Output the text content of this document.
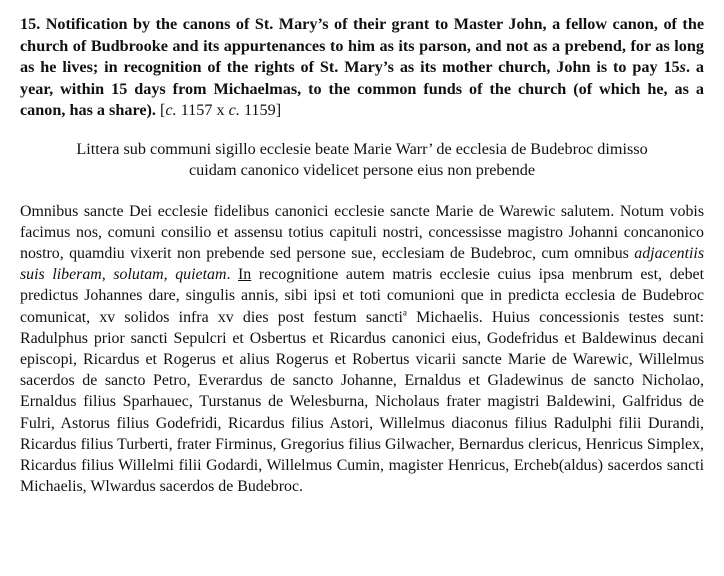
15. Notification by the canons of St. Mary’s of their grant to Master John, a fellow canon, of the church of Budbrooke and its appurtenances to him as its parson, and not as a prebend, for as long as he lives; in recognition of the rights of St. Mary’s as its mother church, John is to pay 15s. a year, within 15 days from Michaelmas, to the common funds of the church (of which he, as a canon, has a share). [c. 1157 x c. 1159]

Littera sub communi sigillo ecclesie beate Marie Warr’ de ecclesia de Budebroc dimisso cuidam canonico videlicet persone eius non prebende

Omnibus sancte Dei ecclesie fidelibus canonici ecclesie sancte Marie de Warewic salutem. Notum vobis facimus nos, comuni consilio et assensu totius capituli nostri, concessisse magistro Johanni concanonico nostro, quamdiu vixerit non prebende sed persone sue, ecclesiam de Budebroc, cum omnibus adjacentiis suis liberam, solutam, quietam. In recognitione autem matris ecclesie cuius ipsa menbrum est, debet predictus Johannes dare, singulis annis, sibi ipsi et toti comunioni que in predicta ecclesia de Budebroc comunicat, xv solidos infra xv dies post festum sancti$^a$ Michaelis. Huius concessionis testes sunt: Radulphus prior sancti Sepulcri et Osbertus et Ricardus canonici eius, Godefridus et Baldewinus decani episcopi, Ricardus et Rogerus et alius Rogerus et Robertus vicarii sancte Marie de Warewic, Willelmus sacerdos de sancto Petro, Everardus de sancto Johanne, Ernaldus et Gladewinus de sancto Nicholao, Ernaldus filius Sparhauec, Turstanus de Welesburna, Nicholaus frater magistri Baldewini, Galfridus de Fulri, Astorus filius Godefridi, Ricardus filius Astori, Willelmus diaconus filius Radulphi filii Durandi, Ricardus filius Turberti, frater Firminus, Gregorius filius Gilwacher, Bernardus clericus, Henricus Simplex, Ricardus filius Willelmi filii Godardi, Willelmus Cumin, magister Henricus, Ercheb(aldus) sacerdos sancti Michaelis, Wlwardus sacerdos de Budebroc.
